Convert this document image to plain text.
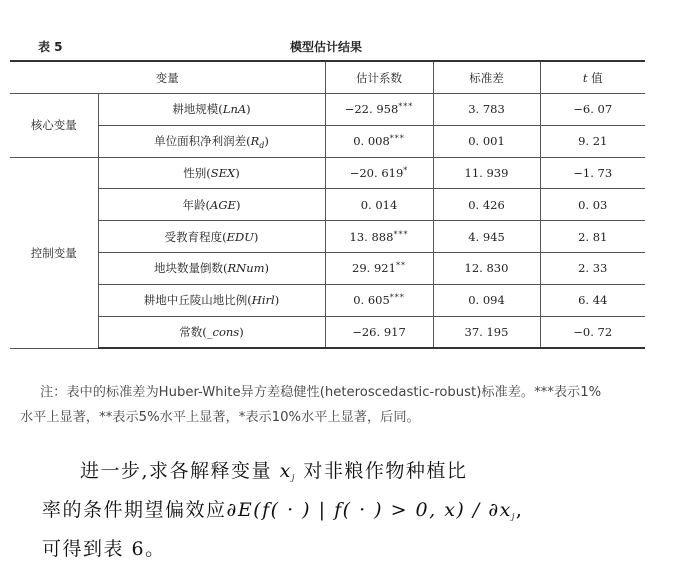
表 5	模型估计结果
变量		估计系数	标准差	t 值
核心变量	耕地规模(LnA)	−22. 958***	3. 783	−6. 07
	单位面积净利润差$(R_d)$	0. 008***	0. 001	9. 21
控制变量	性别(SEX)	−20. 619*	11. 939	−1. 73
	年龄(AGE)	0. 014	0. 426	0. 03
	受教育程度(EDU)	13. 888***	4. 945	2. 81
	地块数量倒数(RNum)	29. 921**	12. 830	2. 33
	耕地中丘陵山地比例(Hirl)	0. 605***	0. 094	6. 44
	常数(_cons)	−26. 917	37. 195	−0. 72
注：表中的标准差为Huber-White异方差稳健性(heteroscedastic-robust)标准差。***表示1%
水平上显著，**表示5%水平上显著，*表示10%水平上显著，后同。
进一步,求各解释变量 $x_j$ 对非粮作物种植比
率的条件期望偏效应∂E(f( · ) | f( · ) > 0, $x) / \partial x_j$,
可得到表 6。
